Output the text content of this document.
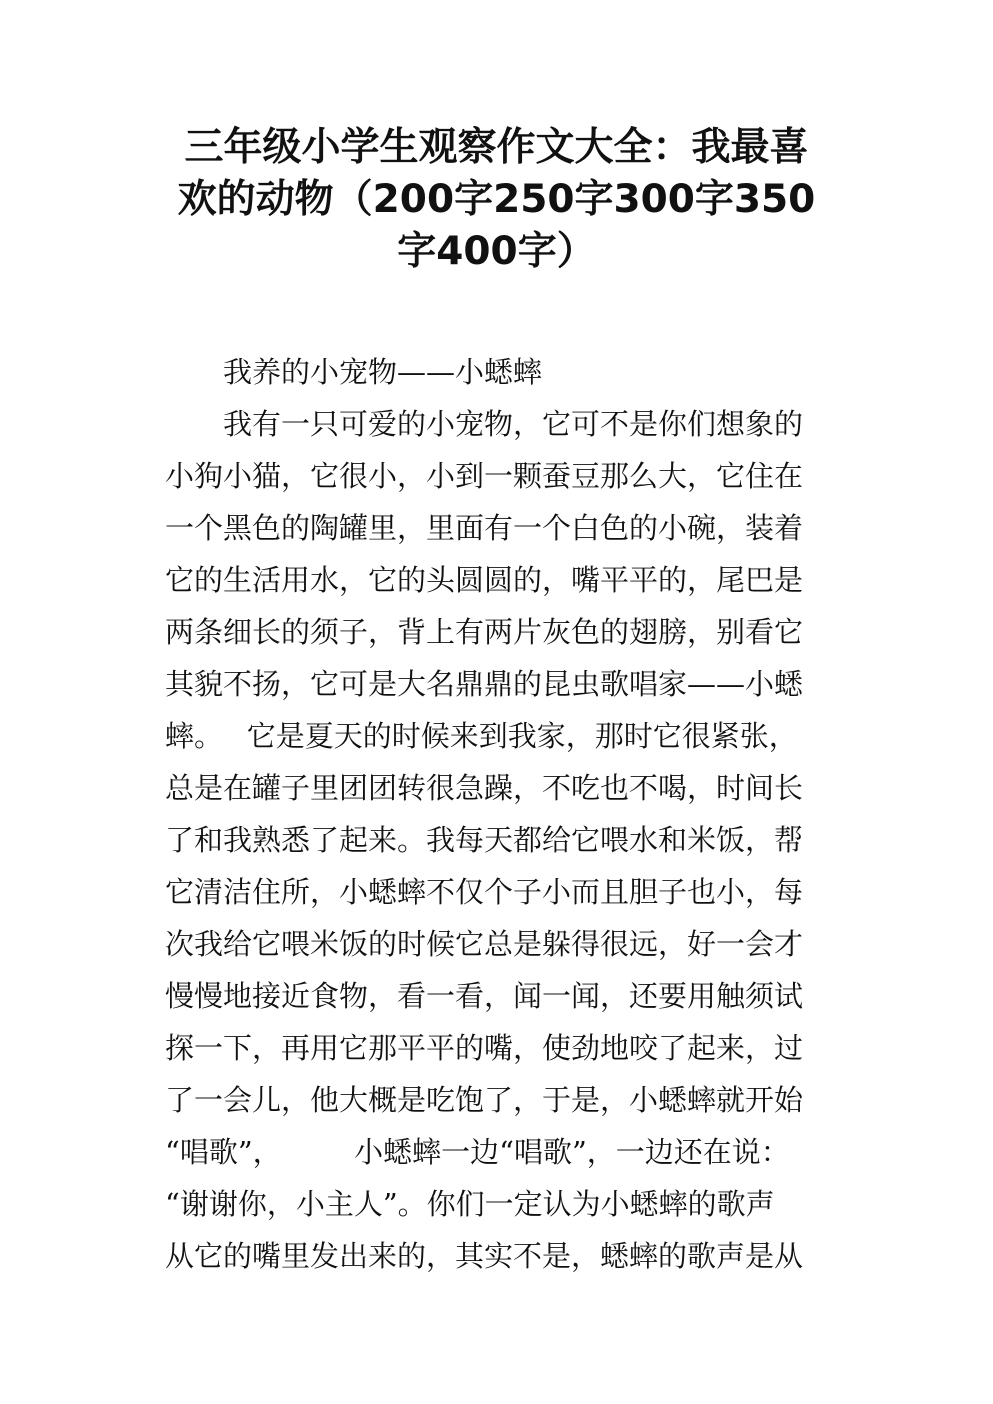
三年级小学生观察作文大全：我最喜
欢的动物（200字250字300字350
字400字）
我养的小宠物——小蟋蟀
我有一只可爱的小宠物，它可不是你们想象的
小狗小猫，它很小，小到一颗蚕豆那么大，它住在
一个黑色的陶罐里，里面有一个白色的小碗，装着
它的生活用水，它的头圆圆的，嘴平平的，尾巴是
两条细长的须子，背上有两片灰色的翅膀，别看它
其貌不扬，它可是大名鼎鼎的昆虫歌唱家——小蟋
蟀。　 它是夏天的时候来到我家，那时它很紧张，
总是在罐子里团团转很急躁，不吃也不喝，时间长
了和我熟悉了起来。我每天都给它喂水和米饭，帮
它清洁住所，小蟋蟀不仅个子小而且胆子也小，每
次我给它喂米饭的时候它总是躲得很远，好一会才
慢慢地接近食物，看一看，闻一闻，还要用触须试
探一下，再用它那平平的嘴，使劲地咬了起来，过
了一会儿，他大概是吃饱了，于是，小蟋蟀就开始
“唱歌”，　　　小蟋蟀一边“唱歌”，一边还在说：
“谢谢你，小主人”。你们一定认为小蟋蟀的歌声
从它的嘴里发出来的，其实不是，蟋蟀的歌声是从
